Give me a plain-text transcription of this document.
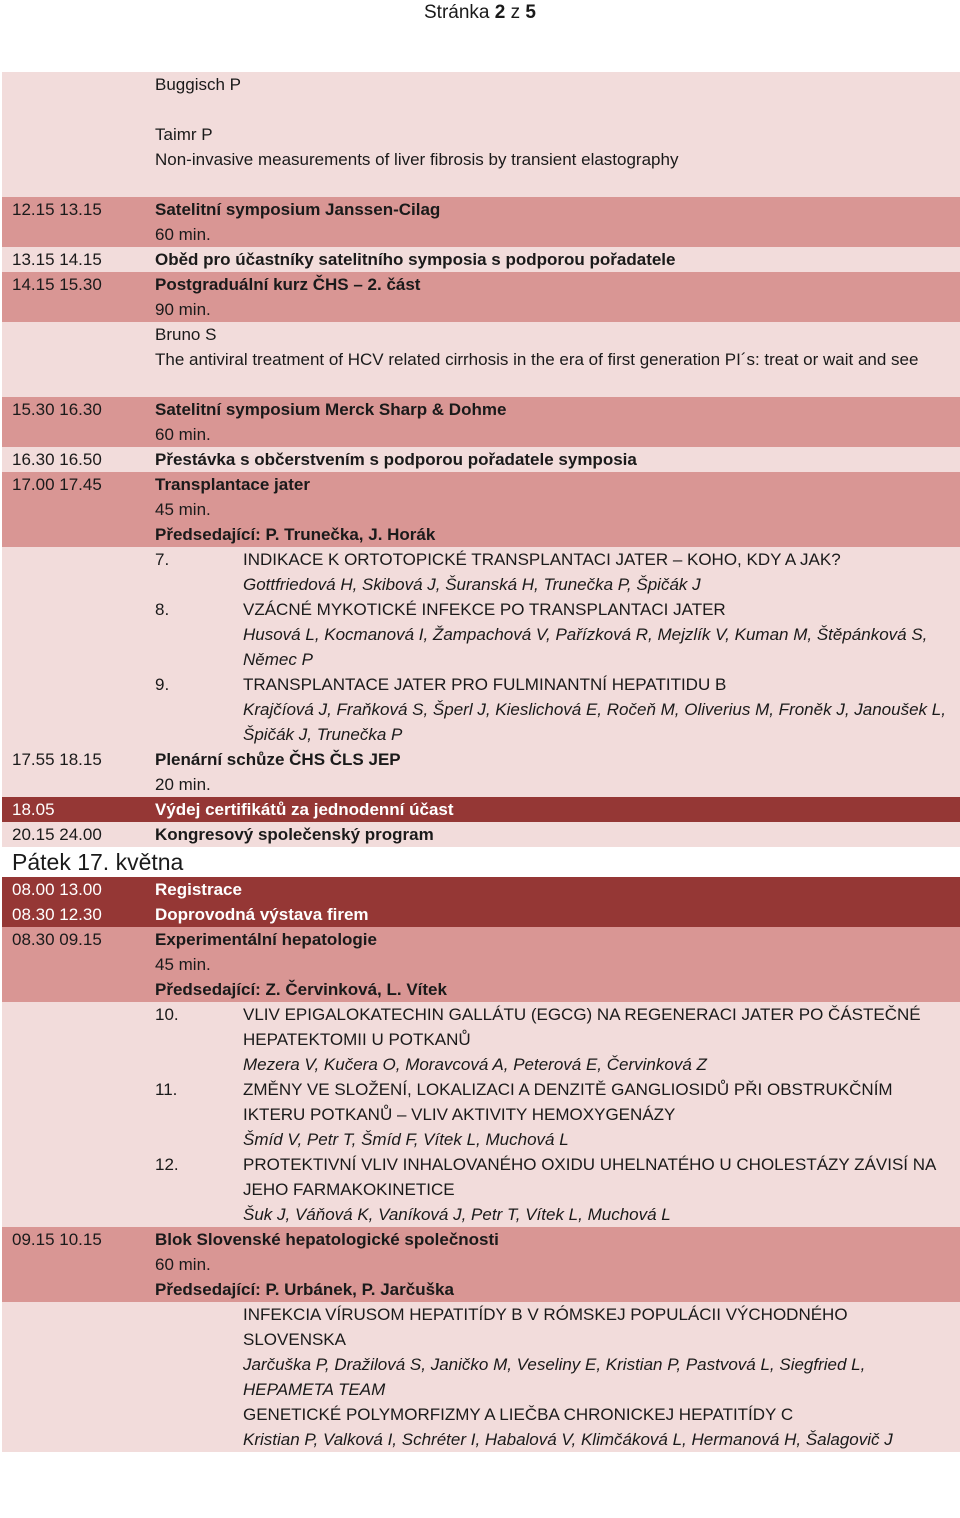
Stránka 2 z 5
Buggisch P
Taimr P
Non-invasive measurements of liver fibrosis by transient elastography
12.15 13.15	Satelitní symposium Janssen-Cilag
60 min.
13.15 14.15	Oběd pro účastníky satelitního symposia s podporou pořadatele
14.15 15.30	Postgraduální kurz ČHS – 2. část
90 min.
Bruno S
The antiviral treatment of HCV related cirrhosis in the era of first generation PI´s: treat or wait and see
15.30 16.30	Satelitní symposium Merck Sharp & Dohme
60 min.
16.30 16.50	Přestávka s občerstvením s podporou pořadatele symposia
17.00 17.45	Transplantace jater
45 min.
Předsedající: P. Trunečka, J. Horák
7.	INDIKACE K ORTOTOPICKÉ TRANSPLANTACI JATER – KOHO, KDY A JAK?
Gottfriedová H, Skibová J, Šuranská H, Trunečka P, Špičák J
8.	VZÁCNÉ MYKOTICKÉ INFEKCE PO TRANSPLANTACI JATER
Husová L, Kocmanová I, Žampachová V, Pařízková R, Mejzlík V, Kuman M, Štěpánková S, Němec P
9.	TRANSPLANTACE JATER PRO FULMINANTNÍ HEPATITIDU B
Krajčíová J, Fraňková S, Šperl J, Kieslichová E, Ročeň M, Oliverius M, Froněk J, Janoušek L, Špičák J, Trunečka P
17.55 18.15	Plenární schůze ČHS ČLS JEP
20 min.
18.05	Výdej certifikátů za jednodenní účast
20.15 24.00	Kongresový společenský program
Pátek 17. května
08.00 13.00	Registrace
08.30 12.30	Doprovodná výstava firem
08.30 09.15	Experimentální hepatologie
45 min.
Předsedající: Z. Červinková, L. Vítek
10.	VLIV EPIGALOKATECHIN GALLÁTU (EGCG) NA REGENERACI JATER PO ČÁSTEČNÉ HEPATEKTOMII U POTKANŮ
Mezera V, Kučera O, Moravcová A, Peterová E, Červinková Z
11.	ZMĚNY VE SLOŽENÍ, LOKALIZACI A DENZITĚ GANGLIOSIDŮ PŘI OBSTRUKČNÍM IKTERU POTKANŮ – VLIV AKTIVITY HEMOXYGENÁZY
Šmíd V, Petr T, Šmíd F, Vítek L, Muchová L
12.	PROTEKTIVNÍ VLIV INHALOVANÉHO OXIDU UHELNATÉHO U CHOLESTÁZY ZÁVISÍ NA JEHO FARMAKOKINETICE
Šuk J, Váňová K, Vaníková J, Petr T, Vítek L, Muchová L
09.15 10.15	Blok Slovenské hepatologické společnosti
60 min.
Předsedající: P. Urbánek, P. Jarčuška
INFEKCIA VÍRUSOM HEPATITÍDY B V RÓMSKEJ POPULÁCII VÝCHODNÉHO SLOVENSKA
Jarčuška P, Dražilová S, Janičko M, Veseliny E, Kristian P, Pastvová L, Siegfried L, HEPAMETA TEAM
GENETICKÉ POLYMORFIZMY A LIEČBA CHRONICKEJ HEPATITÍDY C
Kristian P, Valková I, Schréter I, Habalová V, Klimčáková L, Hermanová H, Šalagovič J
